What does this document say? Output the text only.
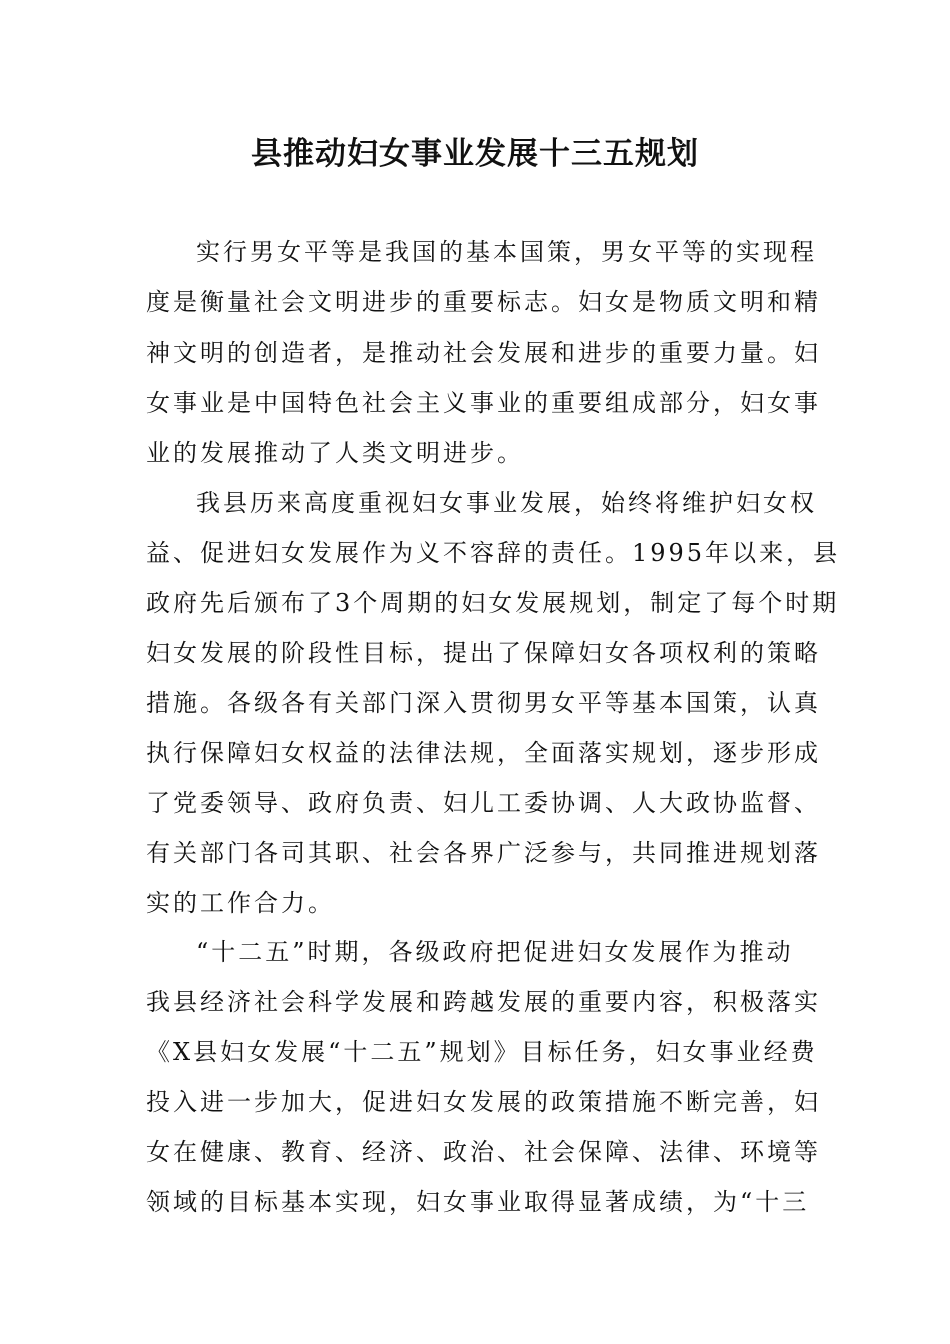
县推动妇女事业发展十三五规划
实行男女平等是我国的基本国策，男女平等的实现程
度是衡量社会文明进步的重要标志。妇女是物质文明和精
神文明的创造者，是推动社会发展和进步的重要力量。妇
女事业是中国特色社会主义事业的重要组成部分，妇女事
业的发展推动了人类文明进步。
我县历来高度重视妇女事业发展，始终将维护妇女权
益、促进妇女发展作为义不容辞的责任。1995年以来，县
政府先后颁布了3个周期的妇女发展规划，制定了每个时期
妇女发展的阶段性目标，提出了保障妇女各项权利的策略
措施。各级各有关部门深入贯彻男女平等基本国策，认真
执行保障妇女权益的法律法规，全面落实规划，逐步形成
了党委领导、政府负责、妇儿工委协调、人大政协监督、
有关部门各司其职、社会各界广泛参与，共同推进规划落
实的工作合力。
“十二五”时期，各级政府把促进妇女发展作为推动
我县经济社会科学发展和跨越发展的重要内容，积极落实
《X县妇女发展“十二五”规划》目标任务，妇女事业经费
投入进一步加大，促进妇女发展的政策措施不断完善，妇
女在健康、教育、经济、政治、社会保障、法律、环境等
领域的目标基本实现，妇女事业取得显著成绩，为“十三
